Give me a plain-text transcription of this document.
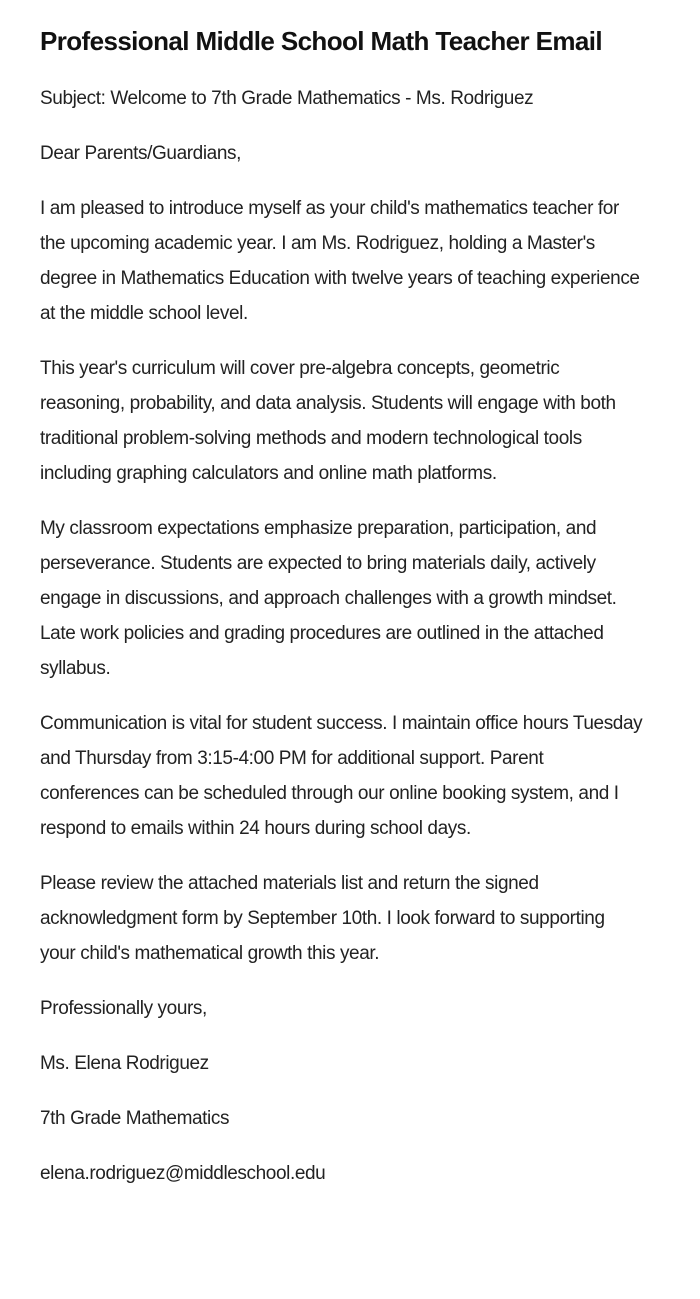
Professional Middle School Math Teacher Email

Subject: Welcome to 7th Grade Mathematics - Ms. Rodriguez

Dear Parents/Guardians,

I am pleased to introduce myself as your child's mathematics teacher for the upcoming academic year. I am Ms. Rodriguez, holding a Master's degree in Mathematics Education with twelve years of teaching experience at the middle school level.

This year's curriculum will cover pre-algebra concepts, geometric reasoning, probability, and data analysis. Students will engage with both traditional problem-solving methods and modern technological tools including graphing calculators and online math platforms.

My classroom expectations emphasize preparation, participation, and perseverance. Students are expected to bring materials daily, actively engage in discussions, and approach challenges with a growth mindset. Late work policies and grading procedures are outlined in the attached syllabus.

Communication is vital for student success. I maintain office hours Tuesday and Thursday from 3:15-4:00 PM for additional support. Parent conferences can be scheduled through our online booking system, and I respond to emails within 24 hours during school days.

Please review the attached materials list and return the signed acknowledgment form by September 10th. I look forward to supporting your child's mathematical growth this year.

Professionally yours,

Ms. Elena Rodriguez

7th Grade Mathematics

elena.rodriguez@middleschool.edu
